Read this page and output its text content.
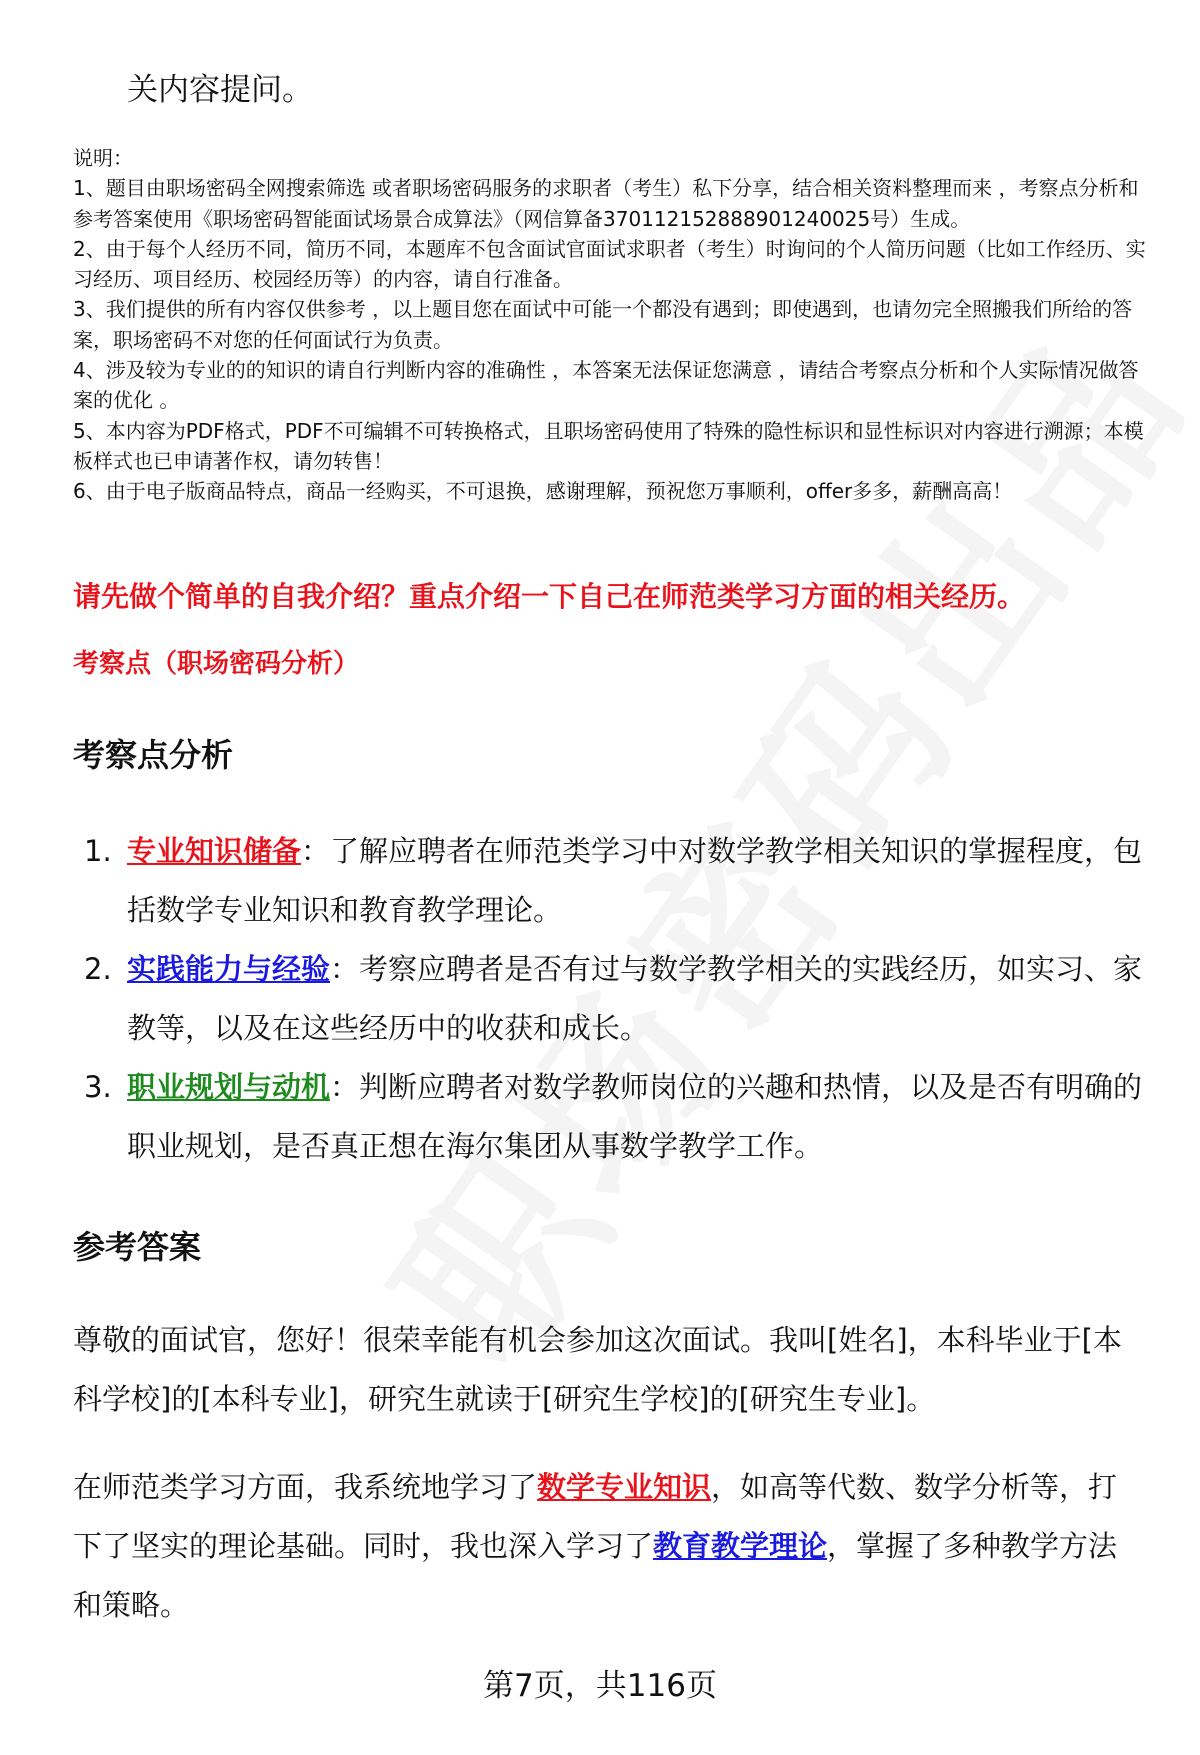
关内容提问。
说明：
1、题目由职场密码全网搜索筛选 或者职场密码服务的求职者（考生）私下分享，结合相关资料整理而来 ，考察点分析和参考答案使用《职场密码智能面试场景合成算法》（网信算备370112152888901240025号）生成。
2、由于每个人经历不同，简历不同，本题库不包含面试官面试求职者（考生）时询问的个人简历问题（比如工作经历、实习经历、项目经历、校园经历等）的内容，请自行准备。
3、我们提供的所有内容仅供参考 ，以上题目您在面试中可能一个都没有遇到；即使遇到，也请勿完全照搬我们所给的答案，职场密码不对您的任何面试行为负责。
4、涉及较为专业的的知识的请自行判断内容的准确性 ，本答案无法保证您满意 ，请结合考察点分析和个人实际情况做答案的优化 。
5、本内容为PDF格式，PDF不可编辑不可转换格式，且职场密码使用了特殊的隐性标识和显性标识对内容进行溯源；本模板样式也已申请著作权，请勿转售！
6、由于电子版商品特点，商品一经购买，不可退换，感谢理解，预祝您万事顺利，offer多多，薪酬高高！
请先做个简单的自我介绍？重点介绍一下自己在师范类学习方面的相关经历。
考察点（职场密码分析）
考察点分析
1. 专业知识储备：了解应聘者在师范类学习中对数学教学相关知识的掌握程度，包括数学专业知识和教育教学理论。
2. 实践能力与经验：考察应聘者是否有过与数学教学相关的实践经历，如实习、家教等，以及在这些经历中的收获和成长。
3. 职业规划与动机：判断应聘者对数学教师岗位的兴趣和热情，以及是否有明确的职业规划，是否真正想在海尔集团从事数学教学工作。
参考答案
尊敬的面试官，您好！很荣幸能有机会参加这次面试。我叫[姓名]，本科毕业于[本科学校]的[本科专业]，研究生就读于[研究生学校]的[研究生专业]。
在师范类学习方面，我系统地学习了数学专业知识，如高等代数、数学分析等，打下了坚实的理论基础。同时，我也深入学习了教育教学理论，掌握了多种教学方法和策略。
第7页，共116页
